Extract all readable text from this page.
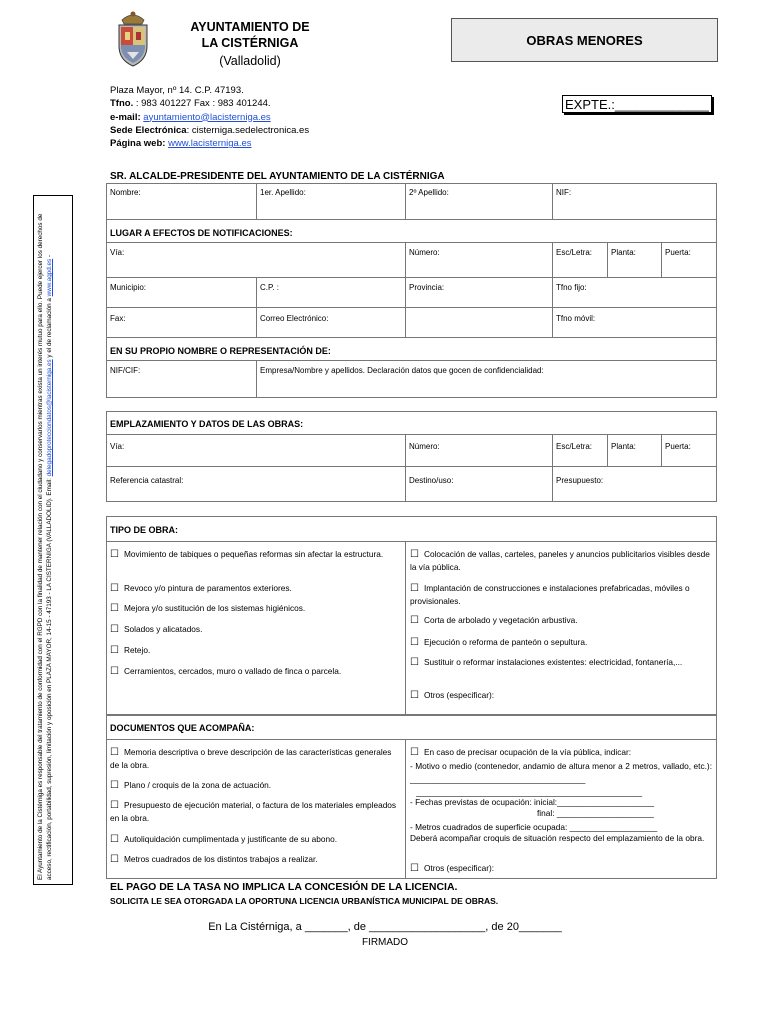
AYUNTAMIENTO DE
LA CISTÉRNIGA
(Valladolid)
OBRAS MENORES
Plaza Mayor, nº 14. C.P. 47193.
Tfno. : 983 401227 Fax : 983 401244.
e-mail: ayuntamiento@lacisterniga.es
Sede Electrónica: cisterniga.sedelectronica.es
Página web: www.lacisterniga.es
EXPTE.:_____________
SR. ALCALDE-PRESIDENTE DEL AYUNTAMIENTO DE LA CISTÉRNIGA
Nombre:	1er. Apellido:	2º Apellido:	NIF:
LUGAR A EFECTOS DE NOTIFICACIONES:
Vía:	Número:	Esc/Letra:	Planta:	Puerta:
Municipio:	C.P. :	Provincia:	Tfno fijo:
Fax:	Correo Electrónico:	Tfno móvil:
EN SU PROPIO NOMBRE O REPRESENTACIÓN DE:
NIF/CIF:	Empresa/Nombre y apellidos. Declaración datos que gocen de confidencialidad:
EMPLAZAMIENTO Y DATOS DE LAS OBRAS:
Vía:	Número:	Esc/Letra:	Planta:	Puerta:
Referencia catastral:	Destino/uso:	Presupuesto:
TIPO DE OBRA:
☐ Movimiento de tabiques o pequeñas reformas sin afectar la estructura.
☐ Revoco y/o pintura de paramentos exteriores.
☐ Mejora y/o sustitución de los sistemas higiénicos.
☐ Solados y alicatados.
☐ Retejo.
☐ Cerramientos, cercados, muro o vallado de finca o parcela.
☐ Colocación de vallas, carteles, paneles y anuncios publicitarios visibles desde la vía pública.
☐ Implantación de construcciones e instalaciones prefabricadas, móviles o provisionales.
☐ Corta de arbolado y vegetación arbustiva.
☐ Ejecución o reforma de panteón o sepultura.
☐ Sustituir o reformar instalaciones existentes: electricidad, fontanería,...
☐ Otros (especificar):
DOCUMENTOS QUE ACOMPAÑA:
☐ Memoria descriptiva o breve descripción de las características generales de la obra.
☐ Plano / croquis de la zona de actuación.
☐ Presupuesto de ejecución material, o factura de los materiales empleados en la obra.
☐ Autoliquidación cumplimentada y justificante de su abono.
☐ Metros cuadrados de los distintos trabajos a realizar.
☐ En caso de precisar ocupación de la vía pública, indicar:
- Motivo o medio (contenedor, andamio de altura menor a 2 metros, vallado, etc.): ______________________________________
_________________________________________________
- Fechas previstas de ocupación: inicial:_____________________
final: _____________________
- Metros cuadrados de superficie ocupada: ___________________
Deberá acompañar croquis de situación respecto del emplazamiento de la obra.
☐ Otros (especificar):
EL PAGO DE LA TASA NO IMPLICA LA CONCESIÓN DE LA LICENCIA.
SOLICITA LE SEA OTORGADA LA OPORTUNA LICENCIA URBANÍSTICA MUNICIPAL DE OBRAS.
En La Cistérniga, a _______, de ___________________, de 20_______
FIRMADO
El Ayuntamiento de la Cistérniga es responsable del tratamiento de conformidad con el RGPD con la finalidad de mantener relación con el ciudadano y conservarlos mientras exista un interés mutuo para ello. Puede ejercer los derechos de acceso, rectificación, portabilidad, supresión, limitación y oposición en PLAZA MAYOR, 14-15 - 47193 - LA CISTERNIGA (VALLADOLID). Email: delegadoprotecciondatos@lacisterniga.es y el de reclamación a www.agpd.es -
